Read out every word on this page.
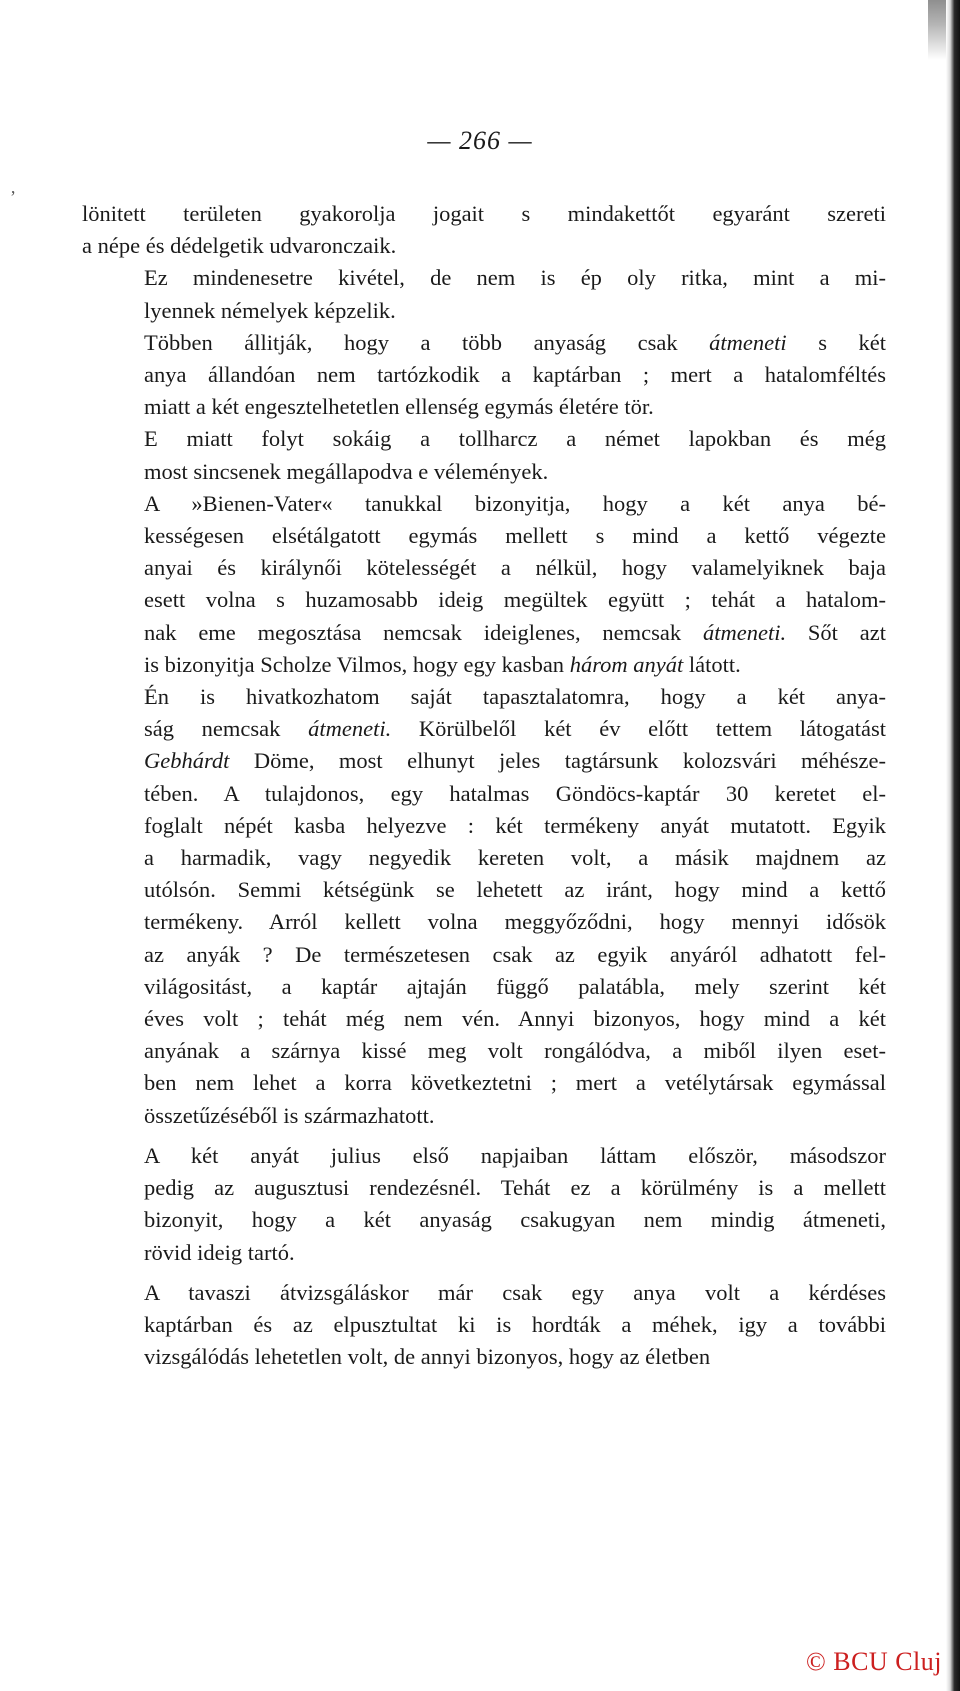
ʼ
— 266 —

lönitett területen gyakorolja jogait s mindakettőt egyaránt szereti
a népe és dédelgetik udvaronczaik.

Ez mindenesetre kivétel, de nem is ép oly ritka, mint a mi-
lyennek némelyek képzelik.

Többen állitják, hogy a több anyaság csak átmeneti s két
anya állandóan nem tartózkodik a kaptárban ; mert a hatalomféltés
miatt a két engesztelhetetlen ellenség egymás életére tör.

E miatt folyt sokáig a tollharcz a német lapokban és még
most sincsenek megállapodva e vélemények.

A »Bienen-Vater« tanukkal bizonyitja, hogy a két anya bé-
kességesen elsétálgatott egymás mellett s mind a kettő végezte
anyai és királynői kötelességét a nélkül, hogy valamelyiknek baja
esett volna s huzamosabb ideig megültek együtt ; tehát a hatalom-
nak eme megosztása nemcsak ideiglenes, nemcsak átmeneti. Sőt azt
is bizonyitja Scholze Vilmos, hogy egy kasban három anyát látott.

Én is hivatkozhatom saját tapasztalatomra, hogy a két anya-
ság nemcsak átmeneti. Körülbelől két év előtt tettem látogatást
Gebhárdt Döme, most elhunyt jeles tagtársunk kolozsvári méhésze-
tében. A tulajdonos, egy hatalmas Göndöcs-kaptár 30 keretet el-
foglalt népét kasba helyezve : két termékeny anyát mutatott. Egyik
a harmadik, vagy negyedik kereten volt, a másik majdnem az
utólsón. Semmi kétségünk se lehetett az iránt, hogy mind a kettő
termékeny. Arról kellett volna meggyőződni, hogy mennyi idősök
az anyák ? De természetesen csak az egyik anyáról adhatott fel-
világositást, a kaptár ajtaján függő palatábla, mely szerint két
éves volt ; tehát még nem vén. Annyi bizonyos, hogy mind a két
anyának a szárnya kissé meg volt rongálódva, a miből ilyen eset-
ben nem lehet a korra következtetni ; mert a vetélytársak egymással
összetűzéséből is származhatott.

A két anyát julius első napjaiban láttam először, másodszor
pedig az augusztusi rendezésnél. Tehát ez a körülmény is a mellett
bizonyit, hogy a két anyaság csakugyan nem mindig átmeneti,
rövid ideig tartó.

A tavaszi átvizsgáláskor már csak egy anya volt a kérdéses
kaptárban és az elpusztultat ki is hordták a méhek, igy a további
vizsgálódás lehetetlen volt, de annyi bizonyos, hogy az életben

© BCU Cluj
